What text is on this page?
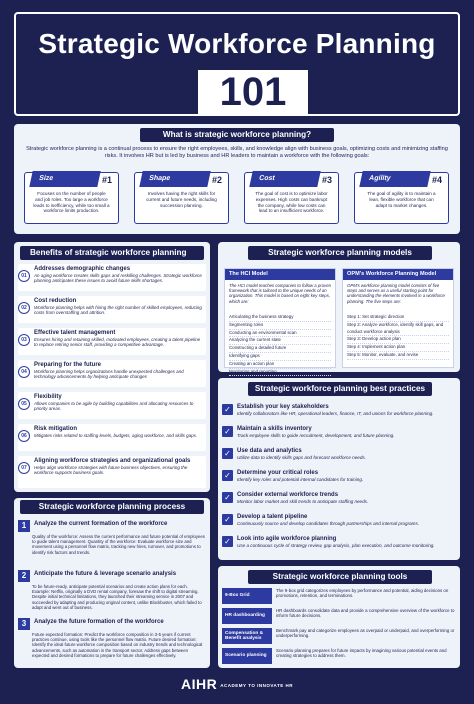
Strategic Workforce Planning
101
What is strategic workforce planning?
Strategic workforce planning is a continual process to ensure the right employees, skills, and knowledge align with business goals, optimizing costs and minimizing staffing risks. It involves HR but is led by business and HR leaders to maintain a workforce with the following goals:
Size	#1
Focuses on the number of people and job roles. Too large a workforce leads to inefficiency, while too small a workforce limits production.
Shape	#2
Involves having the right skills for current and future needs, including succession planning.
Cost	#3
The goal of cost is to optimize labor expenses. High costs can bankrupt the company, while low costs can lead to an insufficient workforce.
Agility	#4
The goal of agility is to maintain a lean, flexible workforce that can adapt to market changes.
Benefits of strategic workforce planning
01
Addresses demographic changes
An aging workforce creates skills gaps and reskilling challenges. Strategic workforce planning anticipates these issues to avoid future skills shortages.
02
Cost reduction
Workforce planning helps with hiring the right number of skilled employees, reducing costs from overstaffing and attrition.
03
Effective talent management
Ensures hiring and retaining skilled, motivated employees, creating a talent pipeline to replace retiring senior staff, providing a competitive advantage.
04
Preparing for the future
Workforce planning helps organizations handle unexpected challenges and technology advancements by helping anticipate changes
05
Flexibility
Allows companies to be agile by building capabilities and allocating resources to priority areas.
06
Risk mitigation
Mitigates risks related to staffing levels, budgets, aging workforce, and skills gaps.
07
Aligning workforce strategies and organizational goals
Helps align workforce strategies with future business objectives, ensuring the workforce supports business goals.
Strategic workforce planning models
The HCI Model
The HCI model teaches companies to follow a proven framework that is tailored to the unique needs of an organization. This model is based on eight key steps, which are:
Articulating the business strategy
Segmenting roles
Conducting an environmental scan
Analyzing the current state
Constructing a detailed future
Identifying gaps
Creating an action plan
Monitoring and reporting
OPM's Workforce Planning Model
OPM's workforce planning model consists of five steps and serves as a useful starting point for understanding the elements involved in a workforce planning. The five steps are:
Step 1: Set strategic direction
Step 2: Analyze workforce, identify skill gaps, and conduct workforce analysis
Step 3: Develop action plan
Step 4: Implement action plan
Step 5: Monitor, evaluate, and revise
Strategic workforce planning best practices
✓	Establish your key stakeholders
Identify collaborators like HR, operational leaders, finance, IT, and unions for workforce planning.
✓	Maintain a skills inventory
Track employee skills to guide recruitment, development, and future planning.
✓	Use data and analytics
Utilize data to identify skills gaps and forecast workforce needs.
✓	Determine your critical roles
Identify key roles and potential internal candidates for training.
✓	Consider external workforce trends
Monitor labor market and skill trends to anticipate staffing needs.
✓	Develop a talent pipeline
Continuously source and develop candidates through partnerships and internal programs.
✓	Look into agile workforce planning
Use a continuous cycle of strategy review, gap analysis, plan execution, and outcome monitoring.
Strategic workforce planning process
1	Analyze the current formation of the workforce
Quality of the workforce: Assess the current performance and future potential of employees to guide talent management. Quantity of the workforce: Evaluate workforce size and movement using a personnel flow matrix, tracking new hires, turnover, and promotions to identify risk factors and trends.
2	Anticipate the future & leverage scenario analysis
To be future-ready, anticipate potential scenarios and create action plans for each. Example: Netflix, originally a DVD rental company, foresaw the shift to digital streaming. Despite initial technical limitations, they launched their streaming service in 2007 and succeeded by adapting and producing original content, unlike Blockbuster, which failed to adapt and went out of business.
3	Analyze the future formation of the workforce
Future expected formation: Predict the workforce composition in 3-5 years if current practices continue, using tools like the personnel flow matrix. Future desired formation: Identify the ideal future workforce composition based on industry trends and technological advancements, such as automation in the transport sector. Address gaps between expected and desired formations to prepare for future challenges effectively.
Strategic workforce planning tools
9-Box Grid
The 9-box grid categorizes employees by performance and potential, aiding decisions on promotions, retention, and terminations.
HR dashboarding
HR dashboards consolidate data and provide a comprehensive overview of the workforce to inform future decisions.
Compensation & Benefit analysis
Benchmark pay and categorize employees as overpaid or underpaid, and overperforming or underperforming.
Scenario planning
Scenario planning prepares for future impacts by imagining various potential events and creating strategies to address them.
AIHR ACADEMY TO INNOVATE HR
